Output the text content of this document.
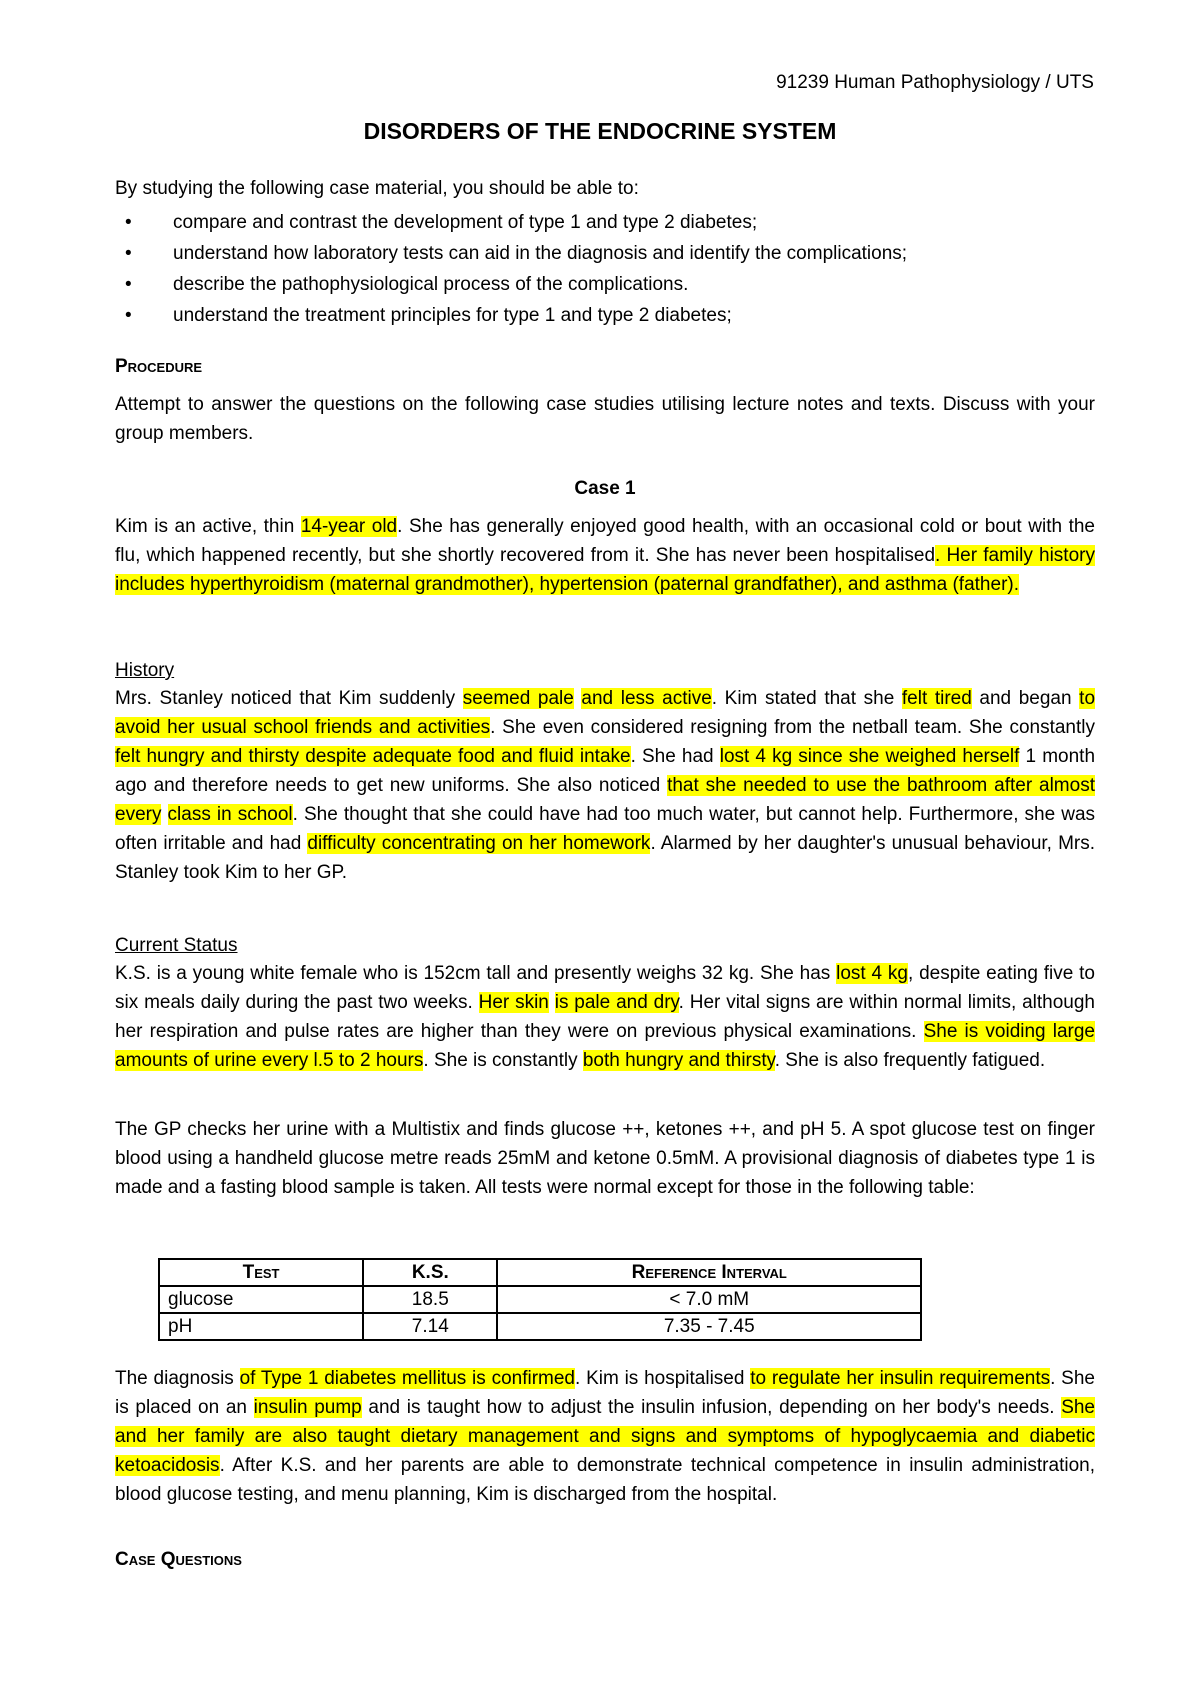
91239 Human Pathophysiology / UTS
DISORDERS OF THE ENDOCRINE SYSTEM
By studying the following case material, you should be able to:
• compare and contrast the development of type 1 and type 2 diabetes;
• understand how laboratory tests can aid in the diagnosis and identify the complications;
• describe the pathophysiological process of the complications.
• understand the treatment principles for type 1 and type 2 diabetes;
Procedure
Attempt to answer the questions on the following case studies utilising lecture notes and texts. Discuss with your group members.
Case 1
Kim is an active, thin 14-year old. She has generally enjoyed good health, with an occasional cold or bout with the flu, which happened recently, but she shortly recovered from it. She has never been hospitalised. Her family history includes hyperthyroidism (maternal grandmother), hypertension (paternal grandfather), and asthma (father).
History
Mrs. Stanley noticed that Kim suddenly seemed pale and less active. Kim stated that she felt tired and began to avoid her usual school friends and activities. She even considered resigning from the netball team. She constantly felt hungry and thirsty despite adequate food and fluid intake. She had lost 4 kg since she weighed herself 1 month ago and therefore needs to get new uniforms. She also noticed that she needed to use the bathroom after almost every class in school. She thought that she could have had too much water, but cannot help. Furthermore, she was often irritable and had difficulty concentrating on her homework. Alarmed by her daughter's unusual behaviour, Mrs. Stanley took Kim to her GP.
Current Status
K.S. is a young white female who is 152cm tall and presently weighs 32 kg. She has lost 4 kg, despite eating five to six meals daily during the past two weeks. Her skin is pale and dry. Her vital signs are within normal limits, although her respiration and pulse rates are higher than they were on previous physical examinations. She is voiding large amounts of urine every l.5 to 2 hours. She is constantly both hungry and thirsty. She is also frequently fatigued.
The GP checks her urine with a Multistix and finds glucose ++, ketones ++, and pH 5. A spot glucose test on finger blood using a handheld glucose metre reads 25mM and ketone 0.5mM. A provisional diagnosis of diabetes type 1 is made and a fasting blood sample is taken. All tests were normal except for those in the following table:
Test	K.S.	Reference Interval
glucose	18.5	< 7.0 mM
pH	7.14	7.35 - 7.45
The diagnosis of Type 1 diabetes mellitus is confirmed. Kim is hospitalised to regulate her insulin requirements. She is placed on an insulin pump and is taught how to adjust the insulin infusion, depending on her body's needs. She and her family are also taught dietary management and signs and symptoms of hypoglycaemia and diabetic ketoacidosis. After K.S. and her parents are able to demonstrate technical competence in insulin administration, blood glucose testing, and menu planning, Kim is discharged from the hospital.
Case Questions
